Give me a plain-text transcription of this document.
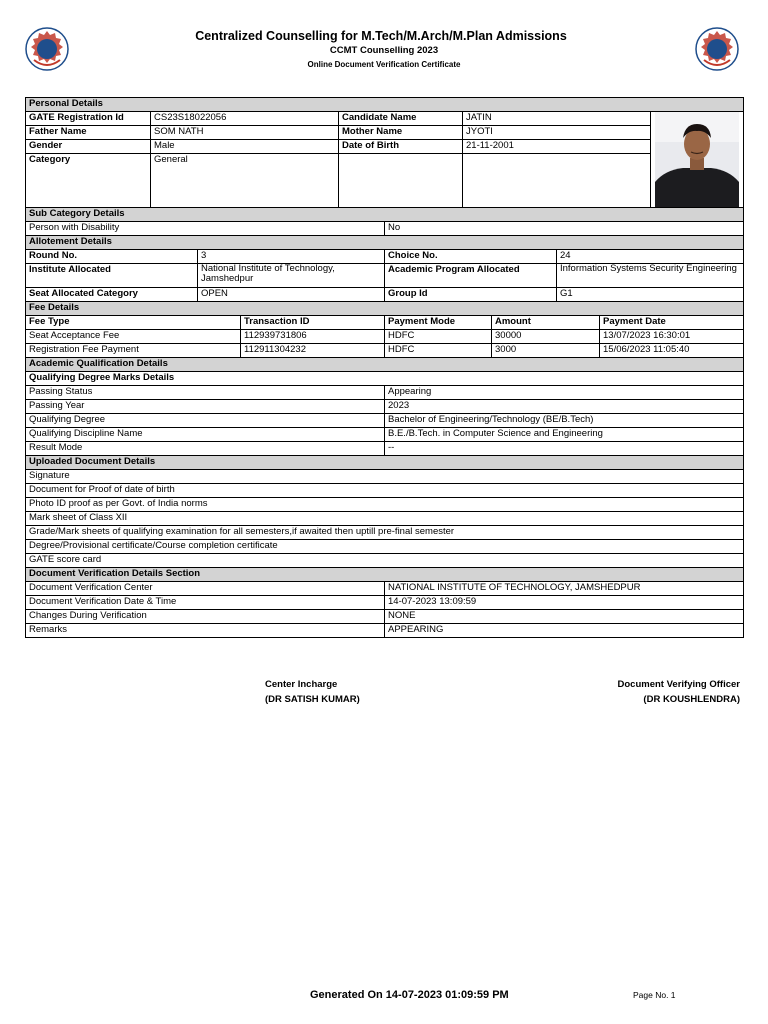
Centralized Counselling for M.Tech/M.Arch/M.Plan Admissions
CCMT Counselling 2023
Online Document Verification Certificate
Personal Details				
GATE Registration Id	CS23S18022056	Candidate Name	JATIN	

Father Name	SOM NATH	Mother Name	JYOTI	
Gender	Male	Date of Birth	21-11-2001	
Category	General			
Sub Category Details
Person with Disability	No
Allotement Details			
Round No.	3	Choice No.	24
Institute Allocated	National Institute of Technology, Jamshedpur	Academic Program Allocated	Information Systems Security Engineering
Seat Allocated Category	OPEN	Group Id	G1
Fee Details				
Fee Type	Transaction ID	Payment Mode	Amount	Payment Date
Seat Acceptance Fee	112939731806	HDFC	30000	13/07/2023 16:30:01
Registration Fee Payment	112911304232	HDFC	3000	15/06/2023 11:05:40
Academic Qualification Details	
Qualifying Degree Marks Details	
Passing Status	Appearing
Passing Year	2023
Qualifying Degree	Bachelor of Engineering/Technology (BE/B.Tech)
Qualifying Discipline Name	B.E./B.Tech. in Computer Science and Engineering
Result Mode	--
Uploaded Document Details
Signature
Document for Proof of date of birth
Photo ID proof as per Govt. of India norms
Mark sheet of Class XII
Grade/Mark sheets of qualifying examination for all semesters,if awaited then uptill pre-final semester
Degree/Provisional certificate/Course completion certificate
GATE score card
Document Verification Details Section	
Document Verification Center	NATIONAL INSTITUTE OF TECHNOLOGY, JAMSHEDPUR
Document Verification Date & Time	14-07-2023 13:09:59
Changes During Verification	NONE
Remarks	APPEARING
Center Incharge
(DR SATISH KUMAR)
Document Verifying Officer
(DR KOUSHLENDRA)
Generated On 14-07-2023 01:09:59 PM	Page No. 1
